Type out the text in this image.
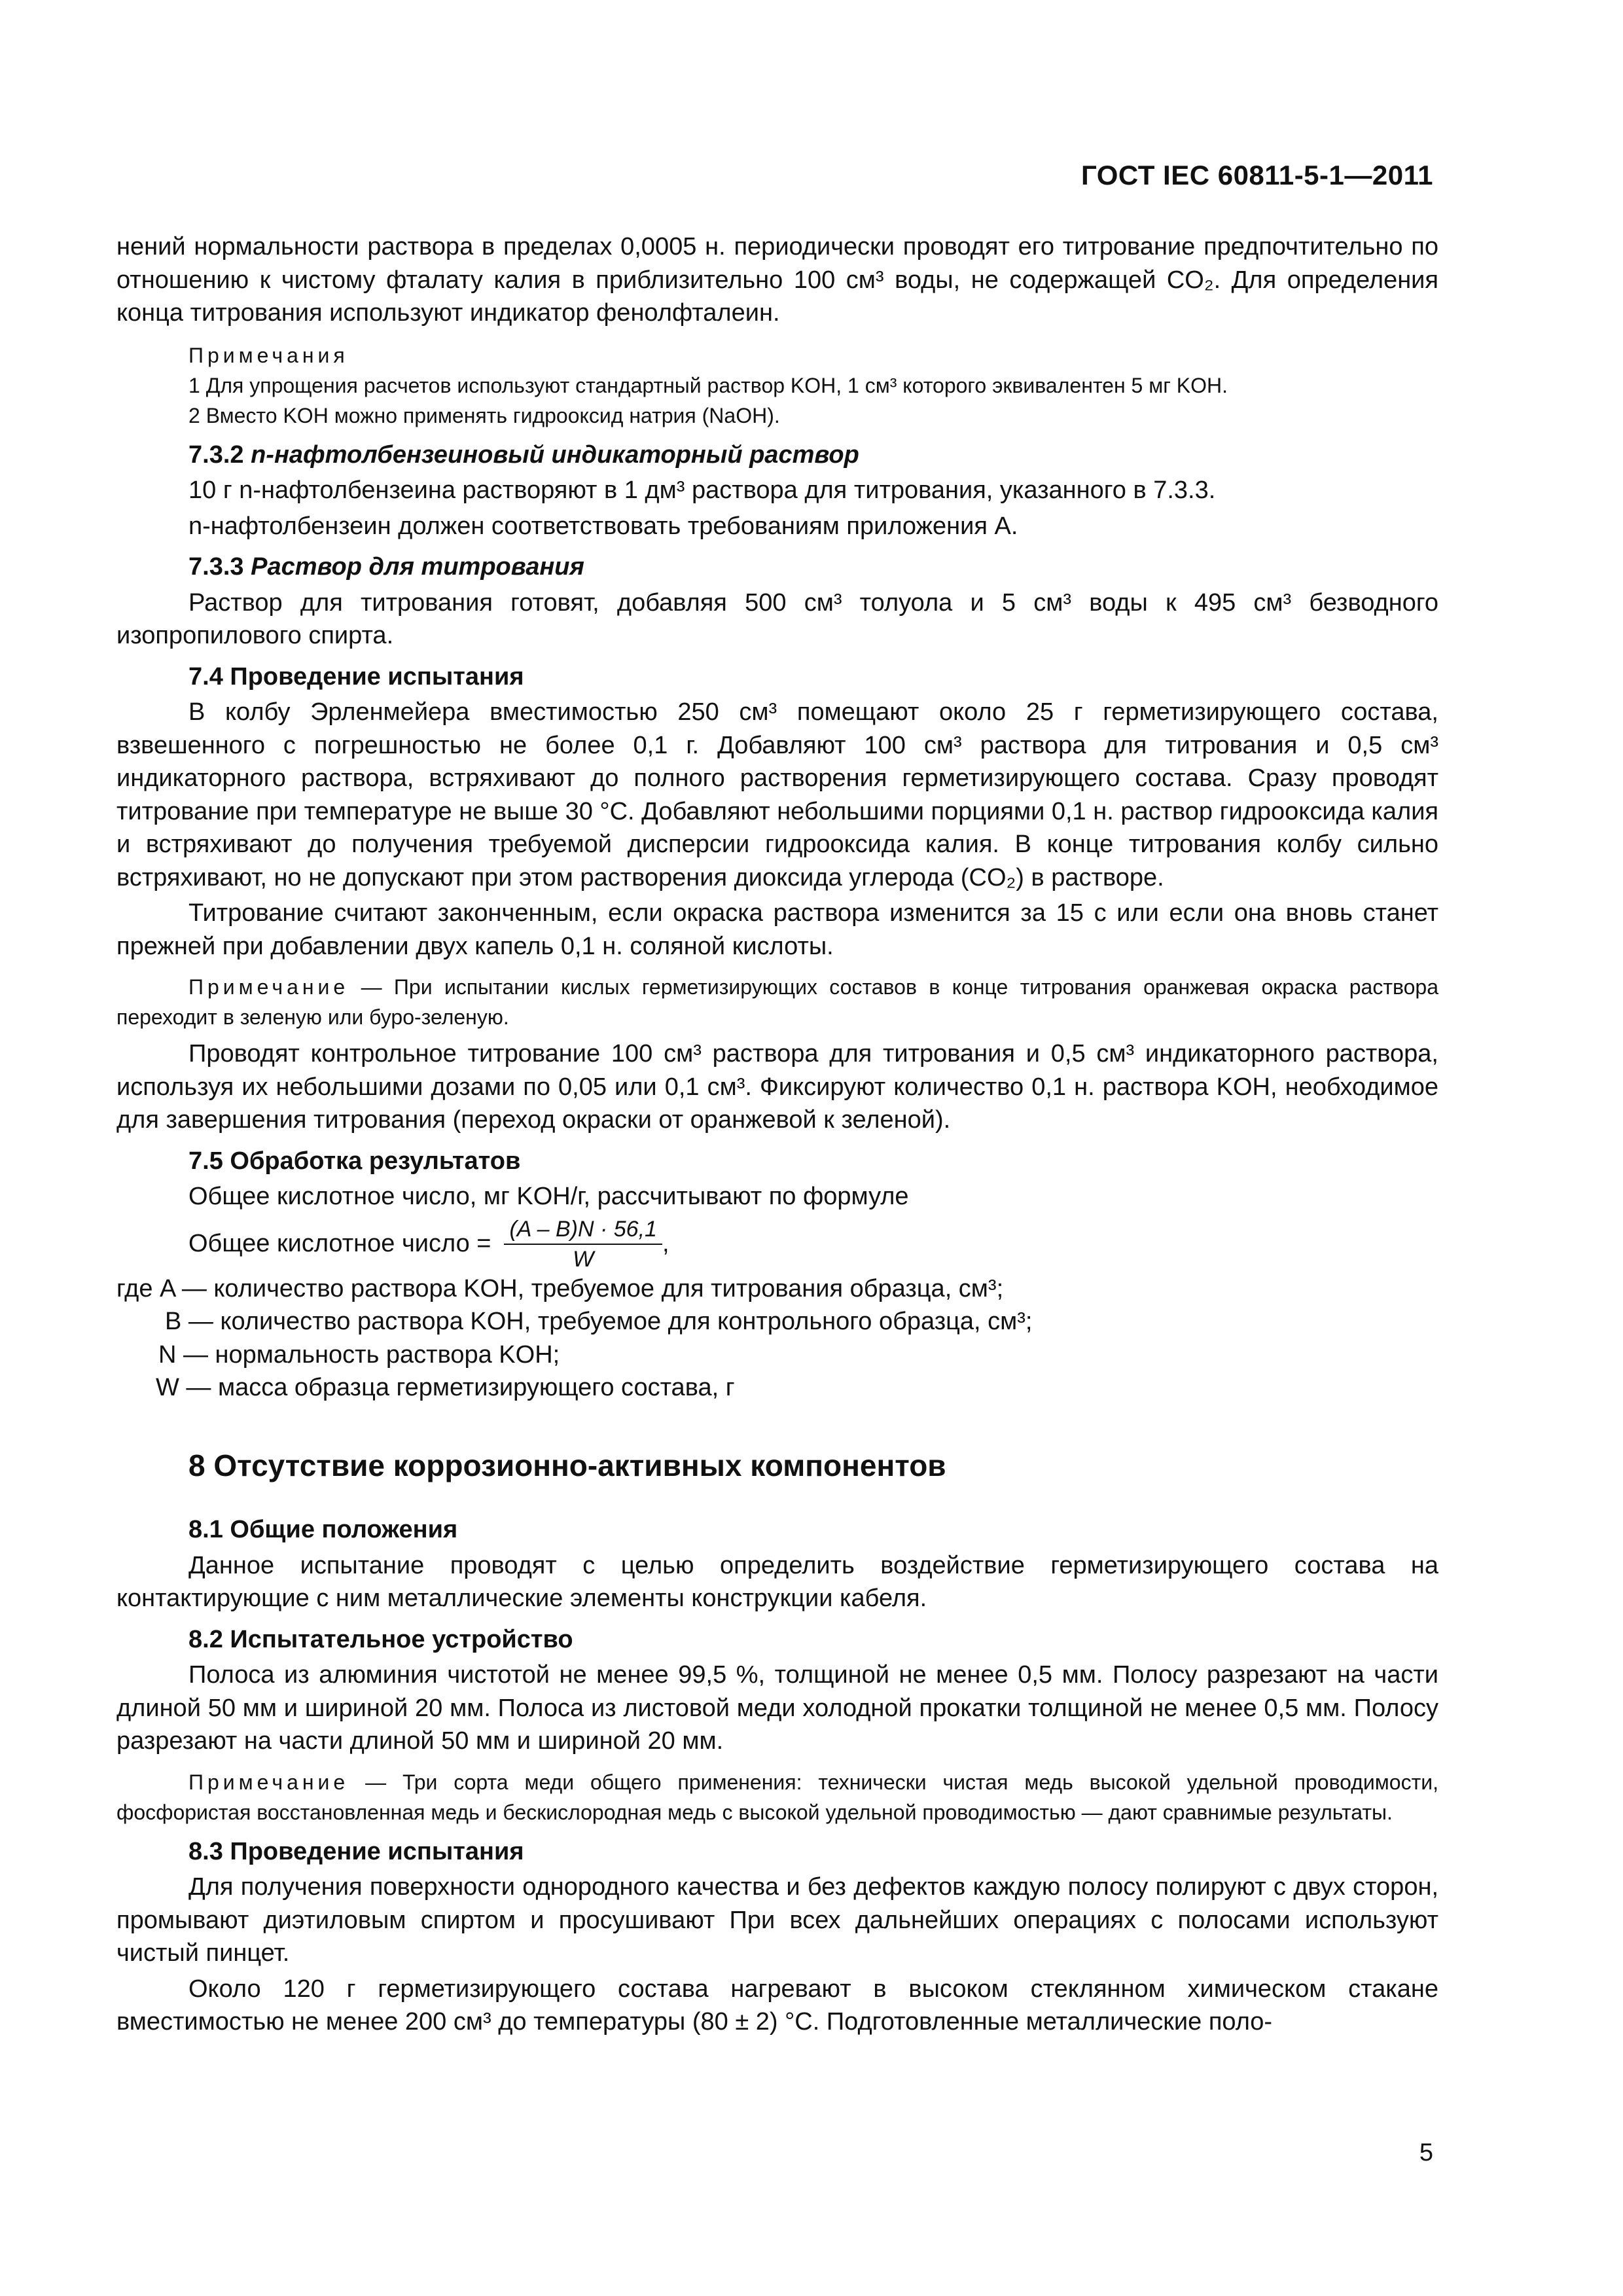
ГОСТ IEC 60811-5-1—2011

нений нормальности раствора в пределах 0,0005 н. периодически проводят его титрование предпочтительно по отношению к чистому фталату калия в приблизительно 100 см³ воды, не содержащей CO₂. Для определения конца титрования используют индикатор фенолфталеин.

Примечания
1 Для упрощения расчетов используют стандартный раствор KOH, 1 см³ которого эквивалентен 5 мг KOH.
2 Вместо KOH можно применять гидрооксид натрия (NaOH).
7.3.2 n-нафтолбензеиновый индикаторный раствор

10 г n-нафтолбензеина растворяют в 1 дм³ раствора для титрования, указанного в 7.3.3.

n-нафтолбензеин должен соответствовать требованиям приложения А.

7.3.3 Раствор для титрования

Раствор для титрования готовят, добавляя 500 см³ толуола и 5 см³ воды к 495 см³ безводного изопропилового спирта.

7.4 Проведение испытания

В колбу Эрленмейера вместимостью 250 см³ помещают около 25 г герметизирующего состава, взвешенного с погрешностью не более 0,1 г. Добавляют 100 см³ раствора для титрования и 0,5 см³ индикаторного раствора, встряхивают до полного растворения герметизирующего состава. Сразу проводят титрование при температуре не выше 30 °С. Добавляют небольшими порциями 0,1 н. раствор гидрооксида калия и встряхивают до получения требуемой дисперсии гидрооксида калия. В конце титрования колбу сильно встряхивают, но не допускают при этом растворения диоксида углерода (CO₂) в растворе.

Титрование считают законченным, если окраска раствора изменится за 15 с или если она вновь станет прежней при добавлении двух капель 0,1 н. соляной кислоты.

Примечание — При испытании кислых герметизирующих составов в конце титрования оранжевая окраска раствора переходит в зеленую или буро-зеленую.

Проводят контрольное титрование 100 см³ раствора для титрования и 0,5 см³ индикаторного раствора, используя их небольшими дозами по 0,05 или 0,1 см³. Фиксируют количество 0,1 н. раствора KOH, необходимое для завершения титрования (переход окраски от оранжевой к зеленой).

7.5 Обработка результатов

Общее кислотное число, мг KOH/г, рассчитывают по формуле

Общее кислотное число = $\frac{(A - B)N \cdot 56,1}{W}$ ,
где A — количество раствора KOH, требуемое для титрования образца, см³;
B — количество раствора KOH, требуемое для контрольного образца, см³;
N — нормальность раствора KOH;
W — масса образца герметизирующего состава, г
8 Отсутствие коррозионно-активных компонентов
8.1 Общие положения

Данное испытание проводят с целью определить воздействие герметизирующего состава на контактирующие с ним металлические элементы конструкции кабеля.

8.2 Испытательное устройство

Полоса из алюминия чистотой не менее 99,5 %, толщиной не менее 0,5 мм. Полосу разрезают на части длиной 50 мм и шириной 20 мм. Полоса из листовой меди холодной прокатки толщиной не менее 0,5 мм. Полосу разрезают на части длиной 50 мм и шириной 20 мм.

Примечание — Три сорта меди общего применения: технически чистая медь высокой удельной проводимости, фосфористая восстановленная медь и бескислородная медь с высокой удельной проводимостью — дают сравнимые результаты.
8.3 Проведение испытания

Для получения поверхности однородного качества и без дефектов каждую полосу полируют с двух сторон, промывают диэтиловым спиртом и просушивают При всех дальнейших операциях с полосами используют чистый пинцет.

Около 120 г герметизирующего состава нагревают в высоком стеклянном химическом стакане вместимостью не менее 200 см³ до температуры (80 ± 2) °С. Подготовленные металлические поло-

5
